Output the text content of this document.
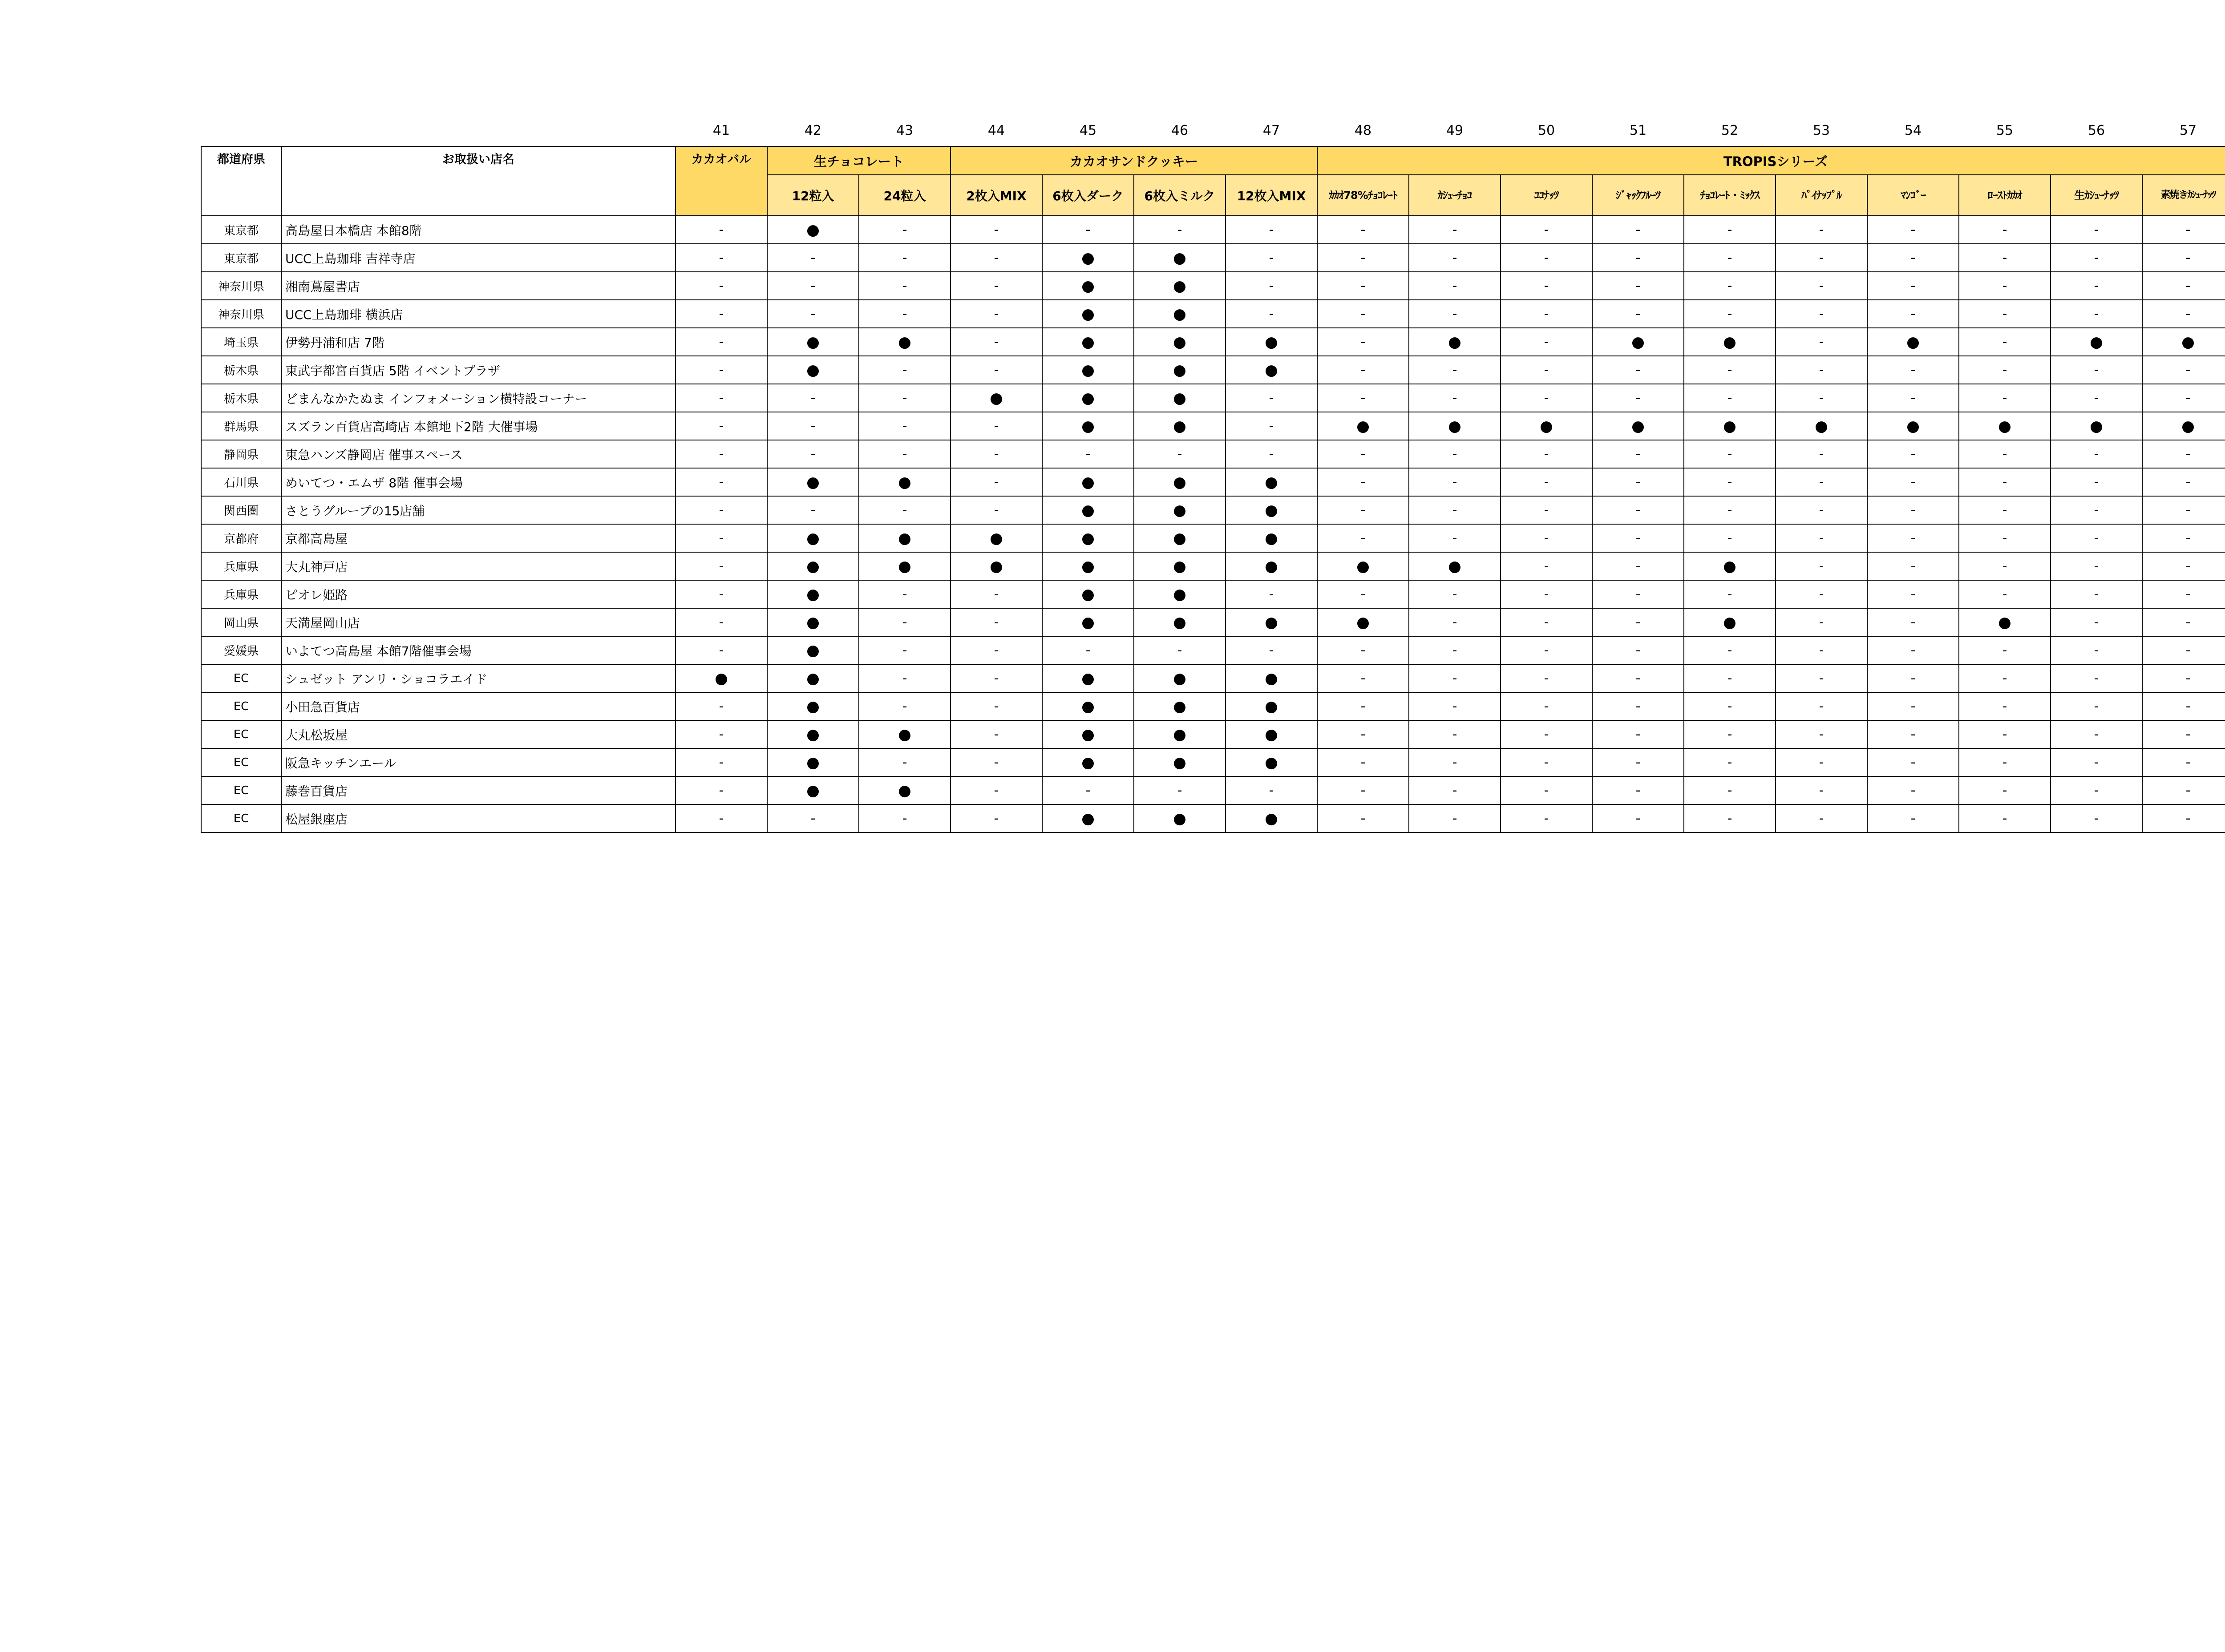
		41	42	43	44	45	46	47	48	49	50	51	52	53	54	55	56	57
都道府県	お取扱い店名	カカオバル	生チョコレート		カカオサンドクッキー				TROPISシリーズ									
			12粒入	24粒入	2枚入MIX	6枚入ダーク	6枚入ミルク	12枚入MIX	ｶｶｵ78%ﾁｮｺﾚｰﾄ	ｶｼｭｰﾁｮｺ	ｺｺﾅｯﾂ	ｼﾞｬｯｸﾌﾙｰﾂ	ﾁｮｺﾚｰﾄ・ﾐｯｸｽ	ﾊﾟｲﾅｯﾌﾟﾙ	ﾏﾝｺﾞｰ	ﾛｰｽﾄｶｶｵ	生ｶｼｭｰﾅｯﾂ	素焼きｶｼｭｰﾅｯﾂ
東京都	高島屋日本橋店 本館8階	-	●	-	-	-	-	-	-	-	-	-	-	-	-	-	-	-
東京都	UCC上島珈琲 吉祥寺店	-	-	-	-	●	●	-	-	-	-	-	-	-	-	-	-	-
神奈川県	湘南蔦屋書店	-	-	-	-	●	●	-	-	-	-	-	-	-	-	-	-	-
神奈川県	UCC上島珈琲 横浜店	-	-	-	-	●	●	-	-	-	-	-	-	-	-	-	-	-
埼玉県	伊勢丹浦和店 7階	-	●	●	-	●	●	●	-	●	-	●	●	-	●	-	●	●
栃木県	東武宇都宮百貨店 5階 イベントプラザ	-	●	-	-	●	●	●	-	-	-	-	-	-	-	-	-	-
栃木県	どまんなかたぬま インフォメーション横特設コーナー	-	-	-	●	●	●	-	-	-	-	-	-	-	-	-	-	-
群馬県	スズラン百貨店高崎店 本館地下2階 大催事場	-	-	-	-	●	●	-	●	●	●	●	●	●	●	●	●	●
静岡県	東急ハンズ静岡店 催事スペース	-	-	-	-	-	-	-	-	-	-	-	-	-	-	-	-	-
石川県	めいてつ・エムザ 8階 催事会場	-	●	●	-	●	●	●	-	-	-	-	-	-	-	-	-	-
関西圏	さとうグループの15店舗	-	-	-	-	●	●	●	-	-	-	-	-	-	-	-	-	-
京都府	京都高島屋	-	●	●	●	●	●	●	-	-	-	-	-	-	-	-	-	-
兵庫県	大丸神戸店	-	●	●	●	●	●	●	●	●	-	-	●	-	-	-	-	-
兵庫県	ピオレ姫路	-	●	-	-	●	●	-	-	-	-	-	-	-	-	-	-	-
岡山県	天満屋岡山店	-	●	-	-	●	●	●	●	-	-	-	●	-	-	●	-	-
愛媛県	いよてつ高島屋 本館7階催事会場	-	●	-	-	-	-	-	-	-	-	-	-	-	-	-	-	-
EC	シュゼット アンリ・ショコラエイド	●	●	-	-	●	●	●	-	-	-	-	-	-	-	-	-	-
EC	小田急百貨店	-	●	-	-	●	●	●	-	-	-	-	-	-	-	-	-	-
EC	大丸松坂屋	-	●	●	-	●	●	●	-	-	-	-	-	-	-	-	-	-
EC	阪急キッチンエール	-	●	-	-	●	●	●	-	-	-	-	-	-	-	-	-	-
EC	藤巻百貨店	-	●	●	-	-	-	-	-	-	-	-	-	-	-	-	-	-
EC	松屋銀座店	-	-	-	-	●	●	●	-	-	-	-	-	-	-	-	-	-
